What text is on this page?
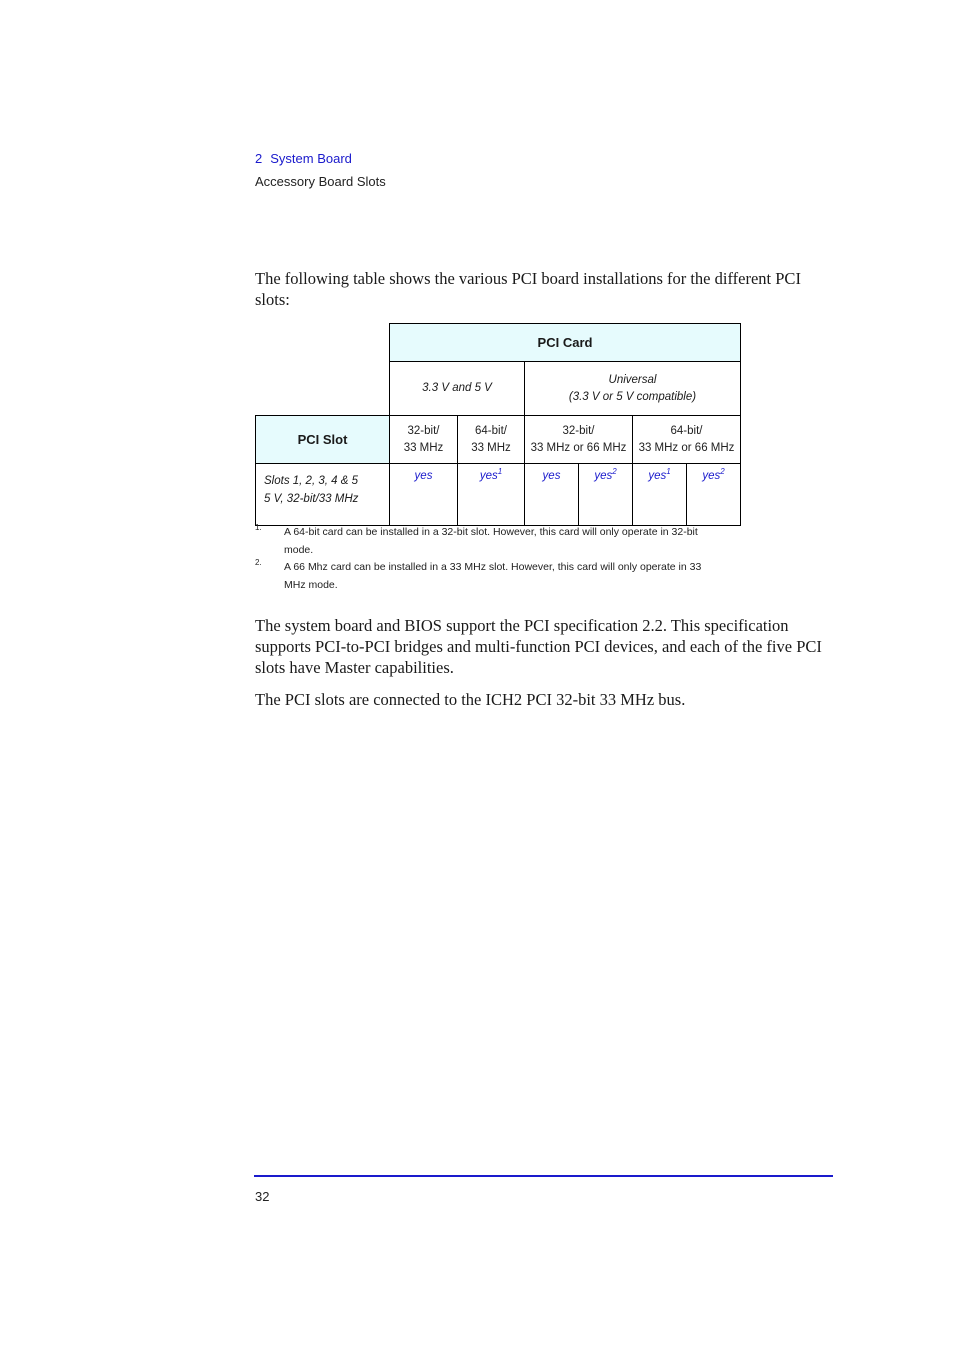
2 System Board
Accessory Board Slots
The following table shows the various PCI board installations for the different PCI slots:
	PCI Card					
	3.3 V and 5 V		Universal
(3.3 V or 5 V compatible)			
PCI Slot	32-bit/
33 MHz	64-bit/
33 MHz	32-bit/
33 MHz or 66 MHz		64-bit/
33 MHz or 66 MHz	
Slots 1, 2, 3, 4 & 5
5 V, 32-bit/33 MHz	yes	yes$^1$	yes	yes$^2$	yes$^1$	yes$^2$
1. A 64-bit card can be installed in a 32-bit slot. However, this card will only operate in 32-bit mode.
2. A 66 Mhz card can be installed in a 33 MHz slot. However, this card will only operate in 33 MHz mode.
The system board and BIOS support the PCI specification 2.2. This specification supports PCI-to-PCI bridges and multi-function PCI devices, and each of the five PCI slots have Master capabilities.
The PCI slots are connected to the ICH2 PCI 32-bit 33 MHz bus.
32
